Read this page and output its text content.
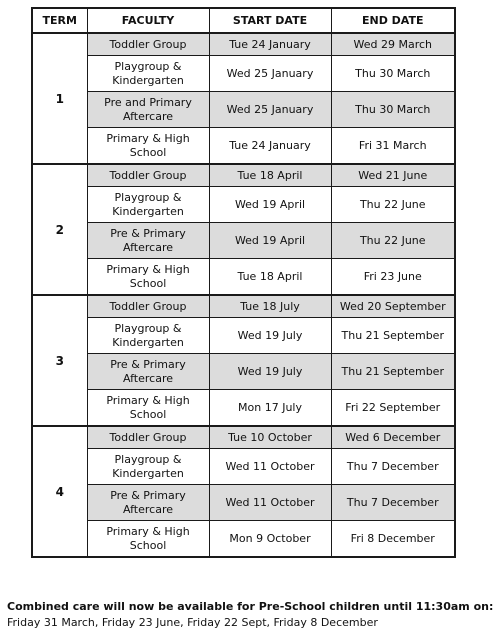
TERM	FACULTY	START DATE	END DATE
1	Toddler Group	Tue 24 January	Wed 29 March
	Playgroup & Kindergarten	Wed 25 January	Thu 30 March
	Pre and Primary Aftercare	Wed 25 January	Thu 30 March
	Primary & High School	Tue 24 January	Fri 31 March
2	Toddler Group	Tue 18 April	Wed 21 June
	Playgroup & Kindergarten	Wed 19 April	Thu 22 June
	Pre & Primary Aftercare	Wed 19 April	Thu 22 June
	Primary & High School	Tue 18 April	Fri 23 June
3	Toddler Group	Tue 18 July	Wed 20 September
	Playgroup & Kindergarten	Wed 19 July	Thu 21 September
	Pre & Primary Aftercare	Wed 19 July	Thu 21 September
	Primary & High School	Mon 17 July	Fri 22 September
4	Toddler Group	Tue 10 October	Wed 6 December
	Playgroup & Kindergarten	Wed 11 October	Thu 7 December
	Pre & Primary Aftercare	Wed 11 October	Thu 7 December
	Primary & High School	Mon 9 October	Fri 8 December
Combined care will now be available for Pre-School children until 11:30am on:
Friday 31 March, Friday 23 June, Friday 22 Sept, Friday 8 December
